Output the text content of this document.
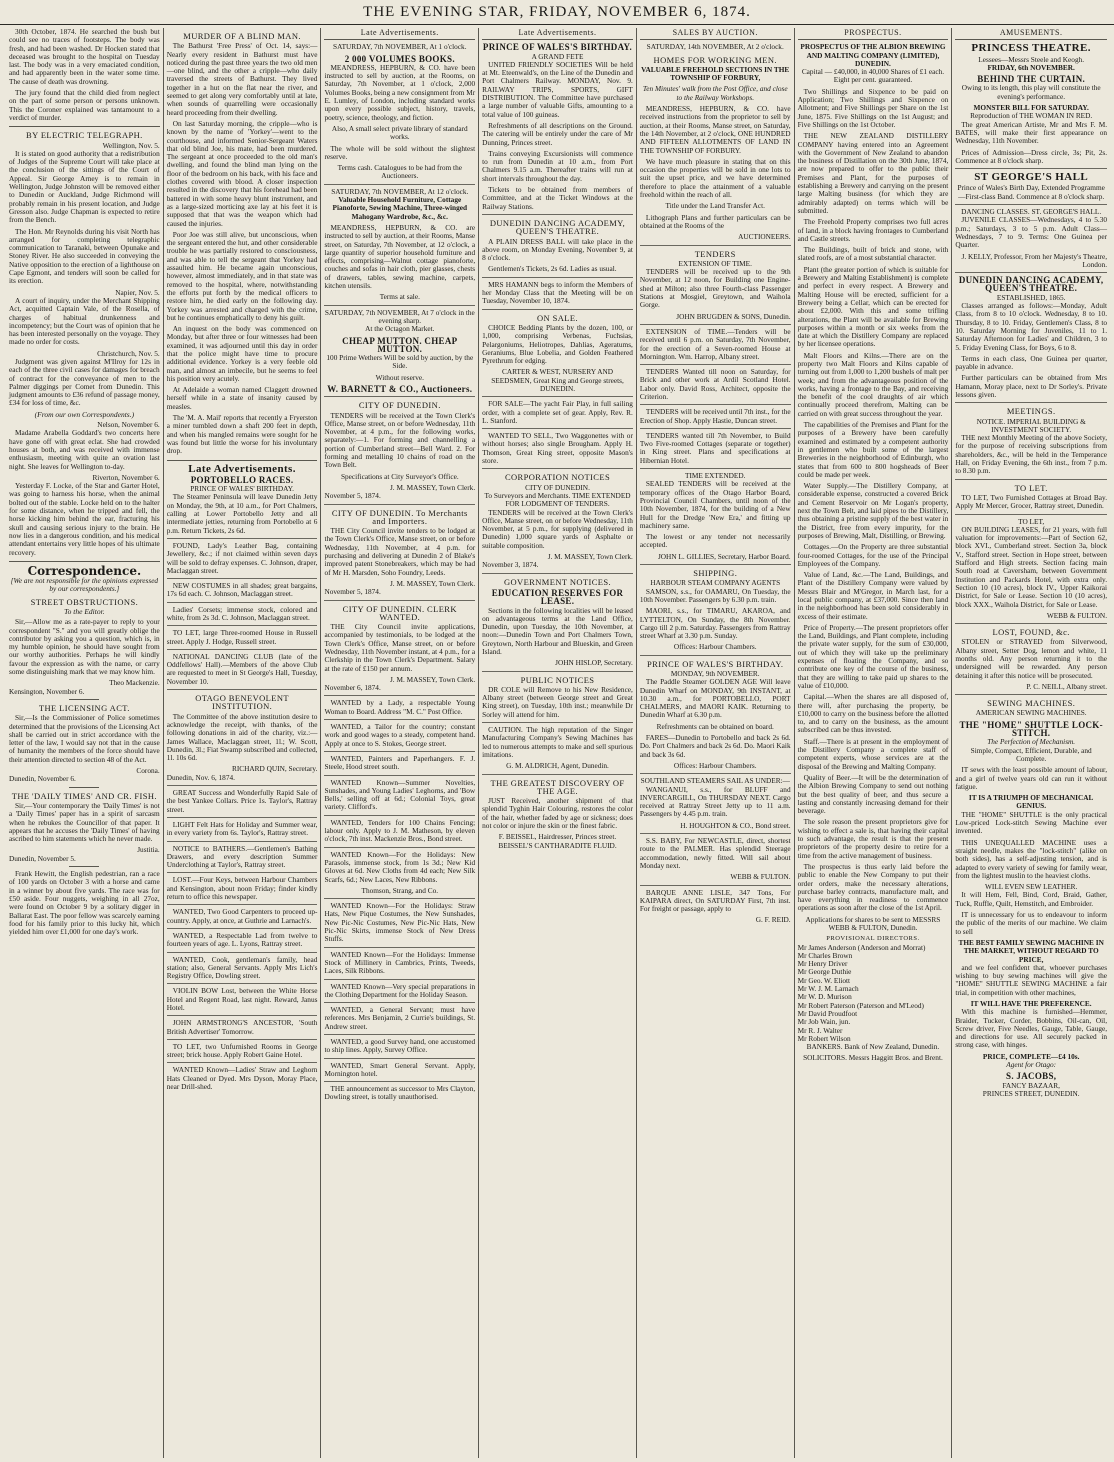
THE EVENING STAR, FRIDAY, NOVEMBER 6, 1874.

30th October, 1874. He searched the bush but could see no traces of footsteps. The body was fresh, and had been washed. Dr Hocken stated that deceased was brought to the hospital on Tuesday last. The body was in a very emaciated condition, and had apparently been in the water some time. The cause of death was drowning.

The jury found that the child died from neglect on the part of some person or persons unknown. This the Coroner explained was tantamount to a verdict of murder.

BY ELECTRIC TELEGRAPH.
Wellington, Nov. 5.

It is stated on good authority that a redistribution of Judges of the Supreme Court will take place at the conclusion of the sittings of the Court of Appeal. Sir George Arney is to remain in Wellington, Judge Johnston will be removed either to Dunedin or Auckland, Judge Richmond will probably remain in his present location, and Judge Gresson also. Judge Chapman is expected to retire from the Bench.

The Hon. Mr Reynolds during his visit North has arranged for completing telegraphic communication to Taranaki, between Opunake and Stoney River. He also succeeded in conveying the Native opposition to the erection of a lighthouse on Cape Egmont, and tenders will soon be called for its erection.

Napier, Nov. 5.

A court of inquiry, under the Merchant Shipping Act, acquitted Captain Vale, of the Rosella, of charges of habitual drunkenness and incompetency; but the Court was of opinion that he has been interested personally on the voyage. They made no order for costs.

Christchurch, Nov. 5.

Judgment was given against M'Ilroy for 12s in each of the three civil cases for damages for breach of contract for the conveyance of men to the Palmer diggings per Comet from Dunedin. This judgment amounts to £36 refund of passage money, £34 for loss of time, &c.

(From our own Correspondents.)
Nelson, November 6.

Madame Arabella Goddard's two concerts here have gone off with great eclat. She had crowded houses at both, and was received with immense enthusiasm, meeting with quite an ovation last night. She leaves for Wellington to-day.

Riverton, November 6.

Yesterday F. Locke, of the Star and Garter Hotel, was going to harness his horse, when the animal bolted out of the stable. Locke held on to the halter for some distance, when he tripped and fell, the horse kicking him behind the ear, fracturing his skull and causing serious injury to the brain. He now lies in a dangerous condition, and his medical attendant entertains very little hopes of his ultimate recovery.

Correspondence.

[We are not responsible for the opinions expressed by our correspondents.]

STREET OBSTRUCTIONS.
To the Editor.

Sir,—Allow me as a rate-payer to reply to your correspondent "S." and you will greatly oblige the contributor by asking you a question, which is, in my humble opinion, he should have sought from our worthy authorities. Perhaps he will kindly favour the expression as with the name, or carry some distinguishing mark that we may know him.

Theo Mackenzie.
Kensington, November 6.
THE LICENSING ACT.

Sir,—Is the Commissioner of Police sometimes determined that the provisions of the Licensing Act shall be carried out in strict accordance with the letter of the law, I would say not that in the cause of humanity the members of the force should have their attention directed to section 48 of the Act.

Corona.
Dunedin, November 6.
THE 'DAILY TIMES' AND CR. FISH.

Sir,—Your contemporary the 'Daily Times' is not a 'Daily Times' paper has in a spirit of sarcasm when he rebukes the Councillor of that paper. It appears that he accuses the 'Daily Times' of having ascribed to him statements which he never made.

Justitia.
Dunedin, November 5.

Frank Hewitt, the English pedestrian, ran a race of 100 yards on October 3 with a horse and came in a winner by about five yards. The race was for £50 aside. Four nuggets, weighing in all 27oz, were found on October 9 by a solitary digger in Ballarat East. The poor fellow was scarcely earning food for his family prior to this lucky hit, which yielded him over £1,000 for one day's work.

MURDER OF A BLIND MAN.

The Bathurst 'Free Press' of Oct. 14, says:—Nearly every resident in Bathurst must have noticed during the past three years the two old men—one blind, and the other a cripple—who daily traversed the streets of Bathurst. They lived together in a hut on the flat near the river, and seemed to get along very comfortably until at late, when sounds of quarrelling were occasionally heard proceeding from their dwelling.

On last Saturday morning, the cripple—who is known by the name of 'Yorkey'—went to the courthouse, and informed Senior-Sergeant Waters that old blind Joe, his mate, had been murdered. The sergeant at once proceeded to the old man's dwelling, and found the blind man lying on the floor of the bedroom on his back, with his face and clothes covered with blood. A closer inspection resulted in the discovery that his forehead had been battered in with some heavy blunt instrument, and as a large-sized morticing axe lay at his feet it is supposed that that was the weapon which had caused the injuries.

Poor Joe was still alive, but unconscious, when the sergeant entered the hut, and other considerable trouble he was partially restored to consciousness, and was able to tell the sergeant that Yorkey had assaulted him. He became again unconscious, however, almost immediately, and in that state was removed to the hospital, where, notwithstanding the efforts put forth by the medical officers to restore him, he died early on the following day. Yorkey was arrested and charged with the crime, but he continues emphatically to deny his guilt.

An inquest on the body was commenced on Monday, but after three or four witnesses had been examined, it was adjourned until this day in order that the police might have time to procure additional evidence. Yorkey is a very feeble old man, and almost an imbecile, but he seems to feel his position very acutely.

At Adelaide a woman named Claggett drowned herself while in a state of insanity caused by measles.

The 'M. A. Mail' reports that recently a Fryerston a miner tumbled down a shaft 200 feet in depth, and when his mangled remains were sought for he was found but little the worse for his involuntary drop.

Late Advertisements.
PORTOBELLO RACES.
PRINCE OF WALES' BIRTHDAY.

The Steamer Peninsula will leave Dunedin Jetty on Monday, the 9th, at 10 a.m., for Port Chalmers, calling at Lower Portobello Jetty and all intermediate jetties, returning from Portobello at 6 p.m. Return Tickets, 2s 6d.

FOUND, Lady's Leather Bag, containing Jewellery, &c.; if not claimed within seven days will be sold to defray expenses. C. Johnson, draper, Maclaggan street.

NEW COSTUMES in all shades; great bargains, 17s 6d each. C. Johnson, Maclaggan street.

Ladies' Corsets; immense stock, colored and white, from 2s 3d. C. Johnson, Maclaggan street.

TO LET, large Three-roomed House in Russell street. Apply J. Hodge, Russell street.

NATIONAL DANCING CLUB (late of the Oddfellows' Hall).—Members of the above Club are requested to meet in St George's Hall, Tuesday, November 10.

OTAGO BENEVOLENT INSTITUTION.

The Committee of the above institution desire to acknowledge the receipt, with thanks, of the following donations in aid of the charity, viz.:—James Wallace, Maclaggan street, 1l.; W. Scott, Dunedin, 3l.; Fiat Swamp subscribed and collected, 1l. 10s 6d.

RICHARD QUIN, Secretary.
Dunedin, Nov. 6, 1874.

GREAT Success and Wonderfully Rapid Sale of the best Yankee Collars. Price 1s. Taylor's, Rattray street.

LIGHT Felt Hats for Holiday and Summer wear, in every variety from 6s. Taylor's, Rattray street.

NOTICE to BATHERS.—Gentlemen's Bathing Drawers, and every description Summer Underclothing at Taylor's, Rattray street.

LOST.—Four Keys, between Harbour Chambers and Kensington, about noon Friday; finder kindly return to office this newspaper.

WANTED, Two Good Carpenters to proceed up-country. Apply, at once, at Guthrie and Larnach's.

WANTED, a Respectable Lad from twelve to fourteen years of age. L. Lyons, Rattray street.

WANTED, Cook, gentleman's family, head station; also, General Servants. Apply Mrs Lich's Registry Office, Dowling street.

VIOLIN BOW Lost, between the White Horse Hotel and Regent Road, last night. Reward, Janus Hotel.

JOHN ARMSTRONG'S ANCESTOR, 'South British Advertiser' Tomorrow.

TO LET, two Unfurnished Rooms in George street; brick house. Apply Robert Gaine Hotel.

WANTED Known—Ladies' Straw and Leghorn Hats Cleaned or Dyed. Mrs Dyson, Moray Place, near Drill-shed.

Late Advertisements.
SATURDAY, 7th NOVEMBER, At 1 o'clock.
2 000 VOLUMES BOOKS.

MEANDRESS, HEPBURN, & CO. have been instructed to sell by auction, at the Rooms, on Saturday, 7th November, at 1 o'clock, 2,000 Volumes Books, being a new consignment from Mr E. Lumley, of London, including standard works upon every possible subject, history, travels, poetry, science, theology, and fiction.

Also, A small select private library of standard works.

The whole will be sold without the slightest reserve.

Terms cash. Catalogues to be had from the Auctioneers.

SATURDAY, 7th NOVEMBER, At 12 o'clock.

Valuable Household Furniture, Cottage Pianoforte, Sewing Machine, Three-winged Mahogany Wardrobe, &c., &c.

MEANDRESS, HEPBURN, & CO. are instructed to sell by auction, at their Rooms, Manse street, on Saturday, 7th November, at 12 o'clock, a large quantity of superior household furniture and effects, comprising—Walnut cottage pianoforte, couches and sofas in hair cloth, pier glasses, chests of drawers, tables, sewing machine, carpets, kitchen utensils.

Terms at sale.

SATURDAY, 7th NOVEMBER, At 7 o'clock in the evening sharp.
At the Octagon Market.
CHEAP MUTTON. CHEAP MUTTON.

100 Prime Wethers Will be sold by auction, by the Side.

Without reserve.

W. BARNETT & CO., Auctioneers.
CITY OF DUNEDIN.

TENDERS will be received at the Town Clerk's Office, Manse street, on or before Wednesday, 11th November, at 4 p.m., for the following works, separately:—1. For forming and channelling a portion of Cumberland street—Bell Ward. 2. For forming and metalling 10 chains of road on the Town Belt.

Specifications at City Surveyor's Office.

J. M. MASSEY, Town Clerk.
November 5, 1874.
CITY OF DUNEDIN. To Merchants and Importers.

THE City Council invite tenders to be lodged at the Town Clerk's Office, Manse street, on or before Wednesday, 11th November, at 4 p.m. for purchasing and delivering at Dunedin 2 of Blake's improved patent Stonebreakers, which may be had of Mr H. Marsden, Soho Foundry, Leeds.

J. M. MASSEY, Town Clerk.
November 5, 1874.
CITY OF DUNEDIN. CLERK WANTED.

THE City Council invite applications, accompanied by testimonials, to be lodged at the Town Clerk's Office, Manse street, on or before Wednesday, 11th November instant, at 4 p.m., for a Clerkship in the Town Clerk's Department. Salary at the rate of £150 per annum.

J. M. MASSEY, Town Clerk.
November 6, 1874.

WANTED by a Lady, a respectable Young Woman to Board. Address "M. C." Post Office.

WANTED, a Tailor for the country; constant work and good wages to a steady, competent hand. Apply at once to S. Stokes, George street.

WANTED, Painters and Paperhangers. F. J. Steele, Hood street south.

WANTED Known—Summer Novelties, Sunshades, and Young Ladies' Leghorns, and 'Bow Bells,' selling off at 6d.; Colonial Toys, great variety. Clifford's.

WANTED, Tenders for 100 Chains Fencing; labour only. Apply to J. M. Matheson, by eleven o'clock, 7th inst. Mackenzie Bros., Bond street.

WANTED Known—For the Holidays: New Parasols, immense stock, from 1s 3d.; New Kid Gloves at 6d. New Cloths from 4d each; New Silk Scarfs, 6d.; New Laces, New Ribbons.

Thomson, Strang, and Co.

WANTED Known—For the Holidays: Straw Hats, New Pique Costumes, the New Sunshades, New Pic-Nic Costumes, New Pic-Nic Hats, New Pic-Nic Skirts, immense Stock of New Dress Stuffs.

WANTED Known—For the Holidays: Immense Stock of Millinery in Cambrics, Prints, Tweeds, Laces, Silk Ribbons.

WANTED Known—Very special preparations in the Clothing Department for the Holiday Season.

WANTED, a General Servant; must have references. Mrs Benjamin, 2 Currie's buildings, St. Andrew street.

WANTED, a good Survey hand, one accustomed to ship lines. Apply, Survey Office.

WANTED, Smart General Servant. Apply, Mornington hotel.

THE announcement as successor to Mrs Clayton, Dowling street, is totally unauthorised.

Late Advertisements.
PRINCE OF WALES'S BIRTHDAY.
A GRAND FETE

UNITED FRIENDLY SOCIETIES Will be held at Mt. Eteenwald's, on the Line of the Dunedin and Port Chalmers Railway. MONDAY, Nov. 9. RAILWAY TRIPS, SPORTS, GIFT DISTRIBUTION. The Committee have purchased a large number of valuable Gifts, amounting to a total value of 100 guineas.

Refreshments of all descriptions on the Ground. The catering will be entirely under the care of Mr Dunning, Princes street.

Trains conveying Excursionists will commence to run from Dunedin at 10 a.m., from Port Chalmers 9.15 a.m. Thereafter trains will run at short intervals throughout the day.

Tickets to be obtained from members of Committee, and at the Ticket Windows at the Railway Stations.

DUNEDIN DANCING ACADEMY, QUEEN'S THEATRE.

A PLAIN DRESS BALL will take place in the above room, on Monday Evening, November 9, at 8 o'clock.

Gentlemen's Tickets, 2s 6d. Ladies as usual.

MRS HAMANN begs to inform the Members of her Monday Class that the Meeting will be on Tuesday, November 10, 1874.

ON SALE.

CHOICE Bedding Plants by the dozen, 100, or 1,000, comprising Verbenas, Fuchsias, Pelargoniums, Heliotropes, Dahlias, Ageratums, Geraniums, Blue Lobelia, and Golden Feathered Pyrethrum for edging.

CARTER & WEST, NURSERY AND SEEDSMEN, Great King and George streets, DUNEDIN.

FOR SALE—The yacht Fair Play, in full sailing order, with a complete set of gear. Apply, Rev. R. L. Stanford.

WANTED TO SELL, Two Waggonettes with or without horses; also single Brougham. Apply H. Thomson, Great King street, opposite Mason's store.

CORPORATION NOTICES
CITY OF DUNEDIN.
To Surveyors and Merchants. TIME EXTENDED FOR LODGMENT OF TENDERS.

TENDERS will be received at the Town Clerk's Office, Manse street, on or before Wednesday, 11th November, at 5 p.m., for supplying (delivered in Dunedin) 1,000 square yards of Asphalte or suitable composition.

J. M. MASSEY, Town Clerk.
November 3, 1874.
GOVERNMENT NOTICES.
EDUCATION RESERVES FOR LEASE.

Sections in the following localities will be leased on advantageous terms at the Land Office, Dunedin, upon Tuesday, the 10th November, at noon:—Dunedin Town and Port Chalmers Town, Greytown, North Harbour and Blueskin, and Green Island.

JOHN HISLOP, Secretary.
PUBLIC NOTICES

DR COLE will Remove to his New Residence, Albany street (between George street and Great King street), on Tuesday, 10th inst.; meanwhile Dr Sorley will attend for him.

CAUTION. The high reputation of the Singer Manufacturing Company's Sewing Machines has led to numerous attempts to make and sell spurious imitations.

G. M. ALDRICH, Agent, Dunedin.
THE GREATEST DISCOVERY OF THE AGE.

JUST Received, another shipment of that splendid Tyghin Hair Colouring, restores the color of the hair, whether faded by age or sickness; does not color or injure the skin or the finest fabric.

F. BEISSEL, Hairdresser, Princes street.
BEISSEL'S CANTHARADITE FLUID.
SALES BY AUCTION.
SATURDAY, 14th NOVEMBER, At 2 o'clock.
HOMES FOR WORKING MEN.

VALUABLE FREEHOLD SECTIONS IN THE TOWNSHIP OF FORBURY,

Ten Minutes' walk from the Post Office, and close to the Railway Workshops.

MEANDRESS, HEPBURN, & CO. have received instructions from the proprietor to sell by auction, at their Rooms, Manse street, on Saturday, the 14th November, at 2 o'clock, ONE HUNDRED AND FIFTEEN ALLOTMENTS OF LAND IN THE TOWNSHIP OF FORBURY.

We have much pleasure in stating that on this occasion the properties will be sold in one lots to suit the upset price, and we have determined therefore to place the attainment of a valuable freehold within the reach of all.

Title under the Land Transfer Act.

Lithograph Plans and further particulars can be obtained at the Rooms of the

AUCTIONEERS.
TENDERS
EXTENSION OF TIME.

TENDERS will be received up to the 9th November, at 12 noon, for Building one Engine-shed at Milton; also three Fourth-class Passenger Stations at Mosgiel, Greytown, and Waihola Gorge.

JOHN BRUGDEN & SONS, Dunedin.

EXTENSION of TIME.—Tenders will be received until 6 p.m. on Saturday, 7th November, for the erection of a Seven-roomed House at Mornington. Wm. Harrop, Albany street.

TENDERS Wanted till noon on Saturday, for Brick and other work at Ardil Scotland Hotel. Labor only. David Ross, Architect, opposite the Criterion.

TENDERS will be received until 7th inst., for the Erection of Shop. Apply Hastie, Duncan street.

TENDERS wanted till 7th November, to Build Two Five-roomed Cottages (separate or together) in King street. Plans and specifications at Hibernian Hotel.

TIME EXTENDED.

SEALED TENDERS will be received at the temporary offices of the Otago Harbor Board, Provincial Council Chambers, until noon of the 10th November, 1874, for the building of a New Hull for the Dredge 'New Era,' and fitting up machinery same.

The lowest or any tender not necessarily accepted.

JOHN L. GILLIES, Secretary, Harbor Board.
SHIPPING.
HARBOUR STEAM COMPANY AGENTS

SAMSON, s.s., for OAMARU, On Tuesday, the 10th November. Passengers by 6.30 p.m. train.

MAORI, s.s., for TIMARU, AKAROA, and LYTTELTON, On Sunday, the 8th November. Cargo till 2 p.m. Saturday. Passengers from Rattray street Wharf at 3.30 p.m. Sunday.

Offices: Harbour Chambers.
PRINCE OF WALES'S BIRTHDAY.
MONDAY, 9th NOVEMBER.

The Paddle Steamer GOLDEN AGE Will leave Dunedin Wharf on MONDAY, 9th INSTANT, at 10.30 a.m., for PORTOBELLO, PORT CHALMERS, and MAORI KAIK. Returning to Dunedin Wharf at 6.30 p.m.

Refreshments can be obtained on board.

FARES—Dunedin to Portobello and back 2s 6d. Do. Port Chalmers and back 2s 6d. Do. Maori Kaik and back 3s 6d.

Offices: Harbour Chambers.
SOUTHLAND STEAMERS SAIL AS UNDER:—

WANGANUI, s.s., for BLUFF and INVERCARGILL, On THURSDAY NEXT. Cargo received at Rattray Street Jetty up to 11 a.m. Passengers by 4.45 p.m. train.

H. HOUGHTON & CO., Bond street.

S.S. BABY, For NEWCASTLE, direct, shortest route to the PALMER. Has splendid Steerage accommodation, newly fitted. Will sail about Monday next.

WEBB & FULTON.

BARQUE ANNE LISLE, 347 Tons, For KAIPARA direct, On SATURDAY First, 7th inst. For freight or passage, apply to

G. F. REID.
PROSPECTUS.
PROSPECTUS OF THE ALBION BREWING AND MALTING COMPANY (LIMITED), DUNEDIN.

Capital — £40,000, in 40,000 Shares of £1 each. Eight per cent. guaranteed.

Two Shillings and Sixpence to be paid on Application; Two Shillings and Sixpence on Allotment; and Five Shillings per Share on the 1st June, 1875. Five Shillings on the 1st August; and Five Shillings on the 1st October.

THE NEW ZEALAND DISTILLERY COMPANY having entered into an Agreement with the Government of New Zealand to abandon the business of Distillation on the 30th June, 1874, are now prepared to offer to the public their Premises and Plant, for the purposes of establishing a Brewery and carrying on the present large Malting business (for which they are admirably adapted) on terms which will be submitted.

The Freehold Property comprises two full acres of land, in a block having frontages to Cumberland and Castle streets.

The Buildings, built of brick and stone, with slated roofs, are of a most substantial character.

Plant (the greater portion of which is suitable for a Brewery and Malting Establishment) is complete and perfect in every respect. A Brewery and Malting House will be erected, sufficient for a Brewery being a Cellar, which can be erected for about £2,000. With this and some trifling alterations, the Plant will be available for Brewing purposes within a month or six weeks from the date at which the Distillery Company are replaced by her licensee operations.

Malt Floors and Kilns.—There are on the property two Malt Floors and Kilns capable of turning out from 1,000 to 1,200 bushels of malt per week; and from the advantageous position of the works, having a frontage to the Bay, and receiving the benefit of the cool draughts of air which continually proceed therefrom, Malting can be carried on with great success throughout the year.

The capabilities of the Premises and Plant for the purposes of a Brewery have been carefully examined and estimated by a competent authority in gentlemen who built some of the largest Breweries in the neighborhood of Edinburgh, who states that from 600 to 800 hogsheads of Beer could be made per week.

Water Supply.—The Distillery Company, at considerable expense, constructed a covered Brick and Cement Reservoir on Mr Logan's property, next the Town Belt, and laid pipes to the Distillery, thus obtaining a pristine supply of the best water in the District, free from every impurity, for the purposes of Brewing, Malt, Distilling, or Brewing.

Cottages.—On the Property are three substantial four-roomed Cottages, for the use of the Principal Employees of the Company.

Value of Land, &c.—The Land, Buildings, and Plant of the Distillery Company were valued by Messrs Blair and M'Gregor, in March last, for a local public company, at £37,000. Since then land in the neighborhood has been sold considerably in excess of their estimate.

Price of Property.—The present proprietors offer the Land, Buildings, and Plant complete, including the private water supply, for the sum of £30,000, out of which they will take up the preliminary expenses of floating the Company, and so contribute one key of the course of the business, that they are willing to take paid up shares to the value of £10,000.

Capital.—When the shares are all disposed of, there will, after purchasing the property, be £10,000 to carry on the business before the allotted to, and to carry on the business, as the amount subscribed can be thus invested.

Staff.—There is at present in the employment of the Distillery Company a complete staff of competent experts, whose services are at the disposal of the Brewing and Malting Company.

Quality of Beer.—It will be the determination of the Albion Brewing Company to send out nothing but the best quality of beer, and thus secure a lasting and constantly increasing demand for their beverage.

The sole reason the present proprietors give for wishing to effect a sale is, that having their capital to such advantage, the result is that the present proprietors of the property desire to retire for a time from the active management of business.

The prospectus is thus early laid before the public to enable the New Company to put their order orders, make the necessary alterations, purchase barley contracts, manufacture malt, and have everything in readiness to commence operations as soon after the close of the 1st April.

Applications for shares to be sent to MESSRS WEBB & FULTON, Dunedin.

PROVISIONAL DIRECTORS.
Mr James Anderson (Anderson and Morrat)
Mr Charles Brown
Mr Henry Driver
Mr George Duthie
Mr Geo. W. Eliott
Mr W. J. M. Larnach
Mr W. D. Murison
Mr Robert Paterson (Paterson and M'Leod)
Mr David Proudfoot
Mr Job Wain, jun.
Mr R. J. Walter
Mr Robert Wilson

BANKERS. Bank of New Zealand, Dunedin.

SOLICITORS. Messrs Haggitt Bros. and Brent.

AMUSEMENTS.
PRINCESS THEATRE.
Lessees—Messrs Steele and Keogh.
FRIDAY, 6th NOVEMBER.
BEHIND THE CURTAIN.

Owing to its length, this play will constitute the evening's performance.

MONSTER BILL FOR SATURDAY.
Reproduction of THE WOMAN IN RED.

The great American Artiste, Mr and Mrs F. M. BATES, will make their first appearance on Wednesday, 11th November.

Prices of Admission—Dress circle, 3s; Pit, 2s. Commence at 8 o'clock sharp.

ST GEORGE'S HALL

Prince of Wales's Birth Day, Extended Programme—First-class Band. Commence at 8 o'clock sharp.

DANCING CLASSES. ST. GEORGE'S HALL.

JUVENILE CLASSES—Wednesdays, 4 to 5.30 p.m.; Saturdays, 3 to 5 p.m. Adult Class—Wednesdays, 7 to 9. Terms: One Guinea per Quarter.

J. KELLY, Professor, From her Majesty's Theatre, London.

DUNEDIN DANCING ACADEMY, QUEEN'S THEATRE.
ESTABLISHED, 1865.

Classes arranged as follows:—Monday, Adult Class, from 8 to 10 o'clock. Wednesday, 8 to 10. Thursday, 8 to 10. Friday, Gentlemen's Class, 8 to 10. Saturday Morning for Juveniles, 11 to 1. Saturday Afternoon for Ladies' and Children, 3 to 5. Friday Evening Class, for Boys, 6 to 8.

Terms in each class, One Guinea per quarter, payable in advance.

Further particulars can be obtained from Mrs Hamann, Moray place, next to Dr Sorley's. Private lessons given.

MEETINGS.
NOTICE. IMPERIAL BUILDING & INVESTMENT SOCIETY.

THE next Monthly Meeting of the above Society, for the purpose of receiving subscriptions from shareholders, &c., will be held in the Temperance Hall, on Friday Evening, the 6th inst., from 7 p.m. to 8.30 p.m.

TO LET.

TO LET, Two Furnished Cottages at Broad Bay. Apply Mr Mercer, Grocer, Rattray street, Dunedin.

TO LET,

ON BUILDING LEASES, for 21 years, with full valuation for improvements:—Part of Section 62, block XVI., Cumberland street. Section 3a, block V., Stafford street. Section in Hope street, between Stafford and High streets. Section facing main South road at Caversham, between Government Institution and Packards Hotel, with extra only. Section 10 (10 acres), block IV., Upper Kaikorai District, for Sale or Lease. Section 10 (10 acres), block XXX., Waihola District, for Sale or Lease.

WEBB & FULTON.
LOST, FOUND, &c.

STOLEN or STRAYED from Silverwood, Albany street, Setter Dog, lemon and white, 11 months old. Any person returning it to the undersigned will be rewarded. Any person detaining it after this notice will be prosecuted.

P. C. NEILL, Albany street.
SEWING MACHINES.
AMERICAN SEWING MACHINES.
THE "HOME" SHUTTLE LOCK-STITCH.
The Perfection of Mechanism.

Simple, Compact, Efficient, Durable, and Complete.

IT sews with the least possible amount of labour, and a girl of twelve years old can run it without fatigue.

IT IS A TRIUMPH OF MECHANICAL GENIUS.

THE "HOME" SHUTTLE is the only practical Low-priced Lock-stitch Sewing Machine ever invented.

THIS UNEQUALLED MACHINE uses a straight needle, makes the "lock-stitch" (alike on both sides), has a self-adjusting tension, and is adapted to every variety of sewing for family wear, from the lightest muslin to the heaviest cloths.

WILL EVEN SEW LEATHER.

It will Hem, Fell, Bind, Cord, Braid, Gather, Tuck, Ruffle, Quilt, Hemstitch, and Embroider.

IT is unnecessary for us to endeavour to inform the public of the merits of our machine. We claim to sell

THE BEST FAMILY SEWING MACHINE IN THE MARKET, WITHOUT REGARD TO PRICE,

and we feel confident that, whoever purchases wishing to buy sewing machines will give the "HOME" SHUTTLE SEWING MACHINE a fair trial, in competition with other machines,

IT WILL HAVE THE PREFERENCE.

With this machine is furnished—Hemmer, Braider, Tucker, Corder, Bobbins, Oil-can, Oil, Screw driver, Five Needles, Gauge, Table, Gauge, and directions for use. All securely packed in strong case, with hinges.

PRICE, COMPLETE—£4 10s.
Agent for Otago:
S. JACOBS,
FANCY BAZAAR,
PRINCES STREET, DUNEDIN.
